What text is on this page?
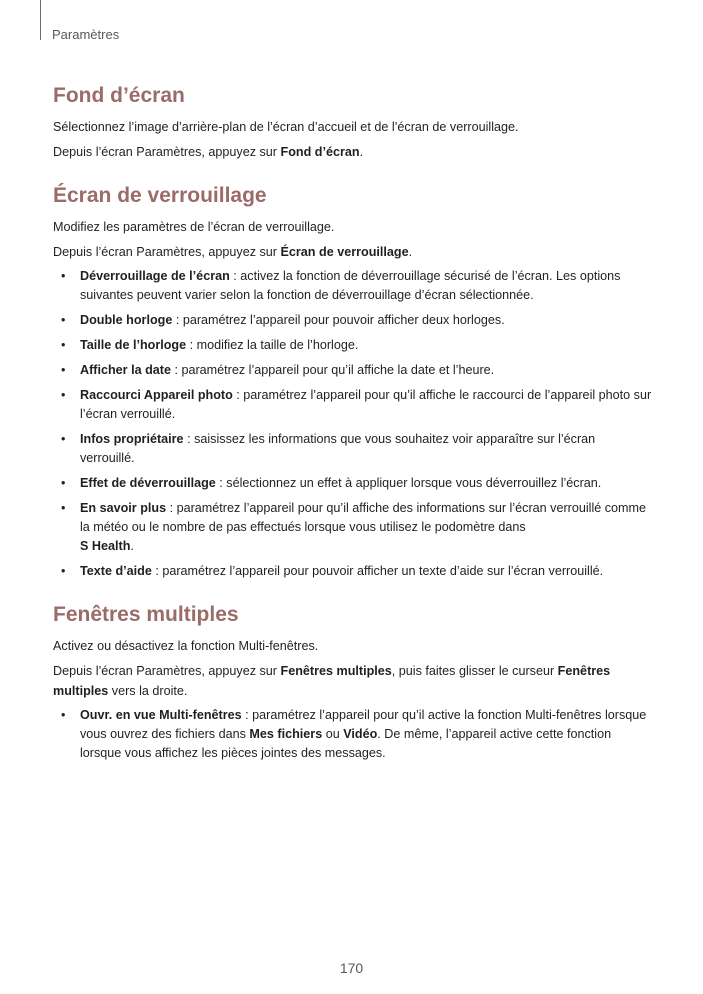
Paramètres
Fond d’écran

Sélectionnez l’image d’arrière-plan de l’écran d’accueil et de l’écran de verrouillage.

Depuis l’écran Paramètres, appuyez sur Fond d’écran.

Écran de verrouillage

Modifiez les paramètres de l’écran de verrouillage.

Depuis l’écran Paramètres, appuyez sur Écran de verrouillage.

• Déverrouillage de l’écran : activez la fonction de déverrouillage sécurisé de l’écran. Les options suivantes peuvent varier selon la fonction de déverrouillage d’écran sélectionnée.
• Double horloge : paramétrez l’appareil pour pouvoir afficher deux horloges.
• Taille de l’horloge : modifiez la taille de l’horloge.
• Afficher la date : paramétrez l’appareil pour qu’il affiche la date et l’heure.
• Raccourci Appareil photo : paramétrez l’appareil pour qu’il affiche le raccourci de l’appareil photo sur l’écran verrouillé.
• Infos propriétaire : saisissez les informations que vous souhaitez voir apparaître sur l’écran verrouillé.
• Effet de déverrouillage : sélectionnez un effet à appliquer lorsque vous déverrouillez l’écran.
• En savoir plus : paramétrez l’appareil pour qu’il affiche des informations sur l’écran verrouillé comme la météo ou le nombre de pas effectués lorsque vous utilisez le podomètre dans
S Health.
• Texte d’aide : paramétrez l’appareil pour pouvoir afficher un texte d’aide sur l’écran verrouillé.
Fenêtres multiples

Activez ou désactivez la fonction Multi-fenêtres.

Depuis l’écran Paramètres, appuyez sur Fenêtres multiples, puis faites glisser le curseur Fenêtres multiples vers la droite.

• Ouvr. en vue Multi-fenêtres : paramétrez l’appareil pour qu’il active la fonction Multi-fenêtres lorsque vous ouvrez des fichiers dans Mes fichiers ou Vidéo. De même, l’appareil active cette fonction lorsque vous affichez les pièces jointes des messages.
170
